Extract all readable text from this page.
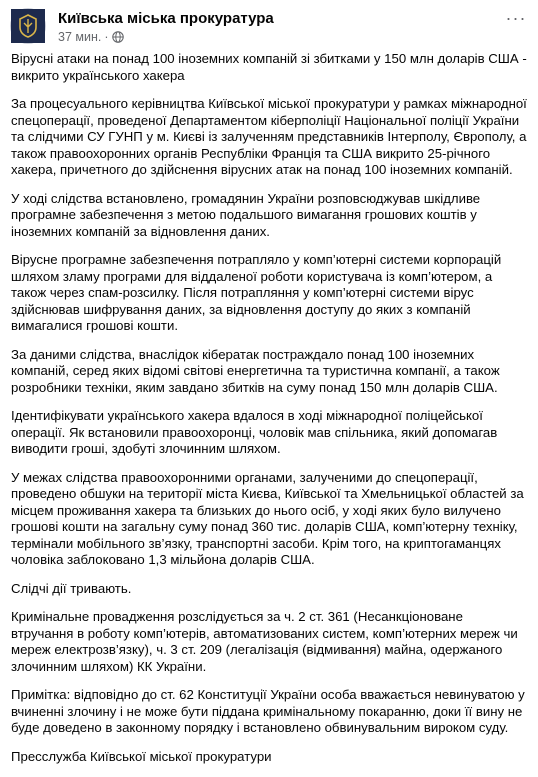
Київська міська прокуратура
37 мин. ·
···

Вірусні атаки на понад 100 іноземних компаній зі збитками у 150 млн доларів США - викрито українського хакера

За процесуального керівництва Київської міської прокуратури у рамках міжнародної спецоперації, проведеної Департаментом кіберполіції Національної поліції України та слідчими СУ ГУНП у м. Києві із залученням представників Інтерполу, Європолу, а також правоохоронних органів Республіки Франція та США викрито 25-річного хакера, причетного до здійснення вірусних атак на понад 100 іноземних компаній.

У ході слідства встановлено, громадянин України розповсюджував шкідливе програмне забезпечення з метою подальшого вимагання грошових коштів у іноземних компаній за відновлення даних.

Вірусне програмне забезпечення потрапляло у комп’ютерні системи корпорацій шляхом зламу програми для віддаленої роботи користувача із комп’ютером, а також через спам-розсилку. Після потрапляння у комп’ютерні системи вірус здійснював шифрування даних, за відновлення доступу до яких з компаній вимагалися грошові кошти.

За даними слідства, внаслідок кібератак постраждало понад 100 іноземних компаній, серед яких відомі світові енергетична та туристична компанії, а також розробники техніки, яким завдано збитків на суму понад 150 млн доларів США.

Ідентифікувати українського хакера вдалося в ході міжнародної поліцейської операції. Як встановили правоохоронці, чоловік мав спільника, який допомагав виводити гроші, здобуті злочинним шляхом.

У межах слідства правоохоронними органами, залученими до спецоперації, проведено обшуки на території міста Києва, Київської та Хмельницької областей за місцем проживання хакера та близьких до нього осіб, у ході яких було вилучено грошові кошти на загальну суму понад 360 тис. доларів США, комп’ютерну техніку, термінали мобільного зв’язку, транспортні засоби. Крім того, на криптогаманцях чоловіка заблоковано 1,3 мільйона доларів США.

Слідчі дії тривають.

Кримінальне провадження розслідується за ч. 2 ст. 361 (Несанкціоноване втручання в роботу комп’ютерів, автоматизованих систем, комп’ютерних мереж чи мереж електрозв’язку), ч. 3 ст. 209 (легалізація (відмивання) майна, одержаного злочинним шляхом) КК України.

Примітка: відповідно до ст. 62 Конституції України особа вважається невинуватою у вчиненні злочину і не може бути піддана кримінальному покаранню, доки її вину не буде доведено в законному порядку і встановлено обвинувальним вироком суду.

Пресслужба Київської міської прокуратури
